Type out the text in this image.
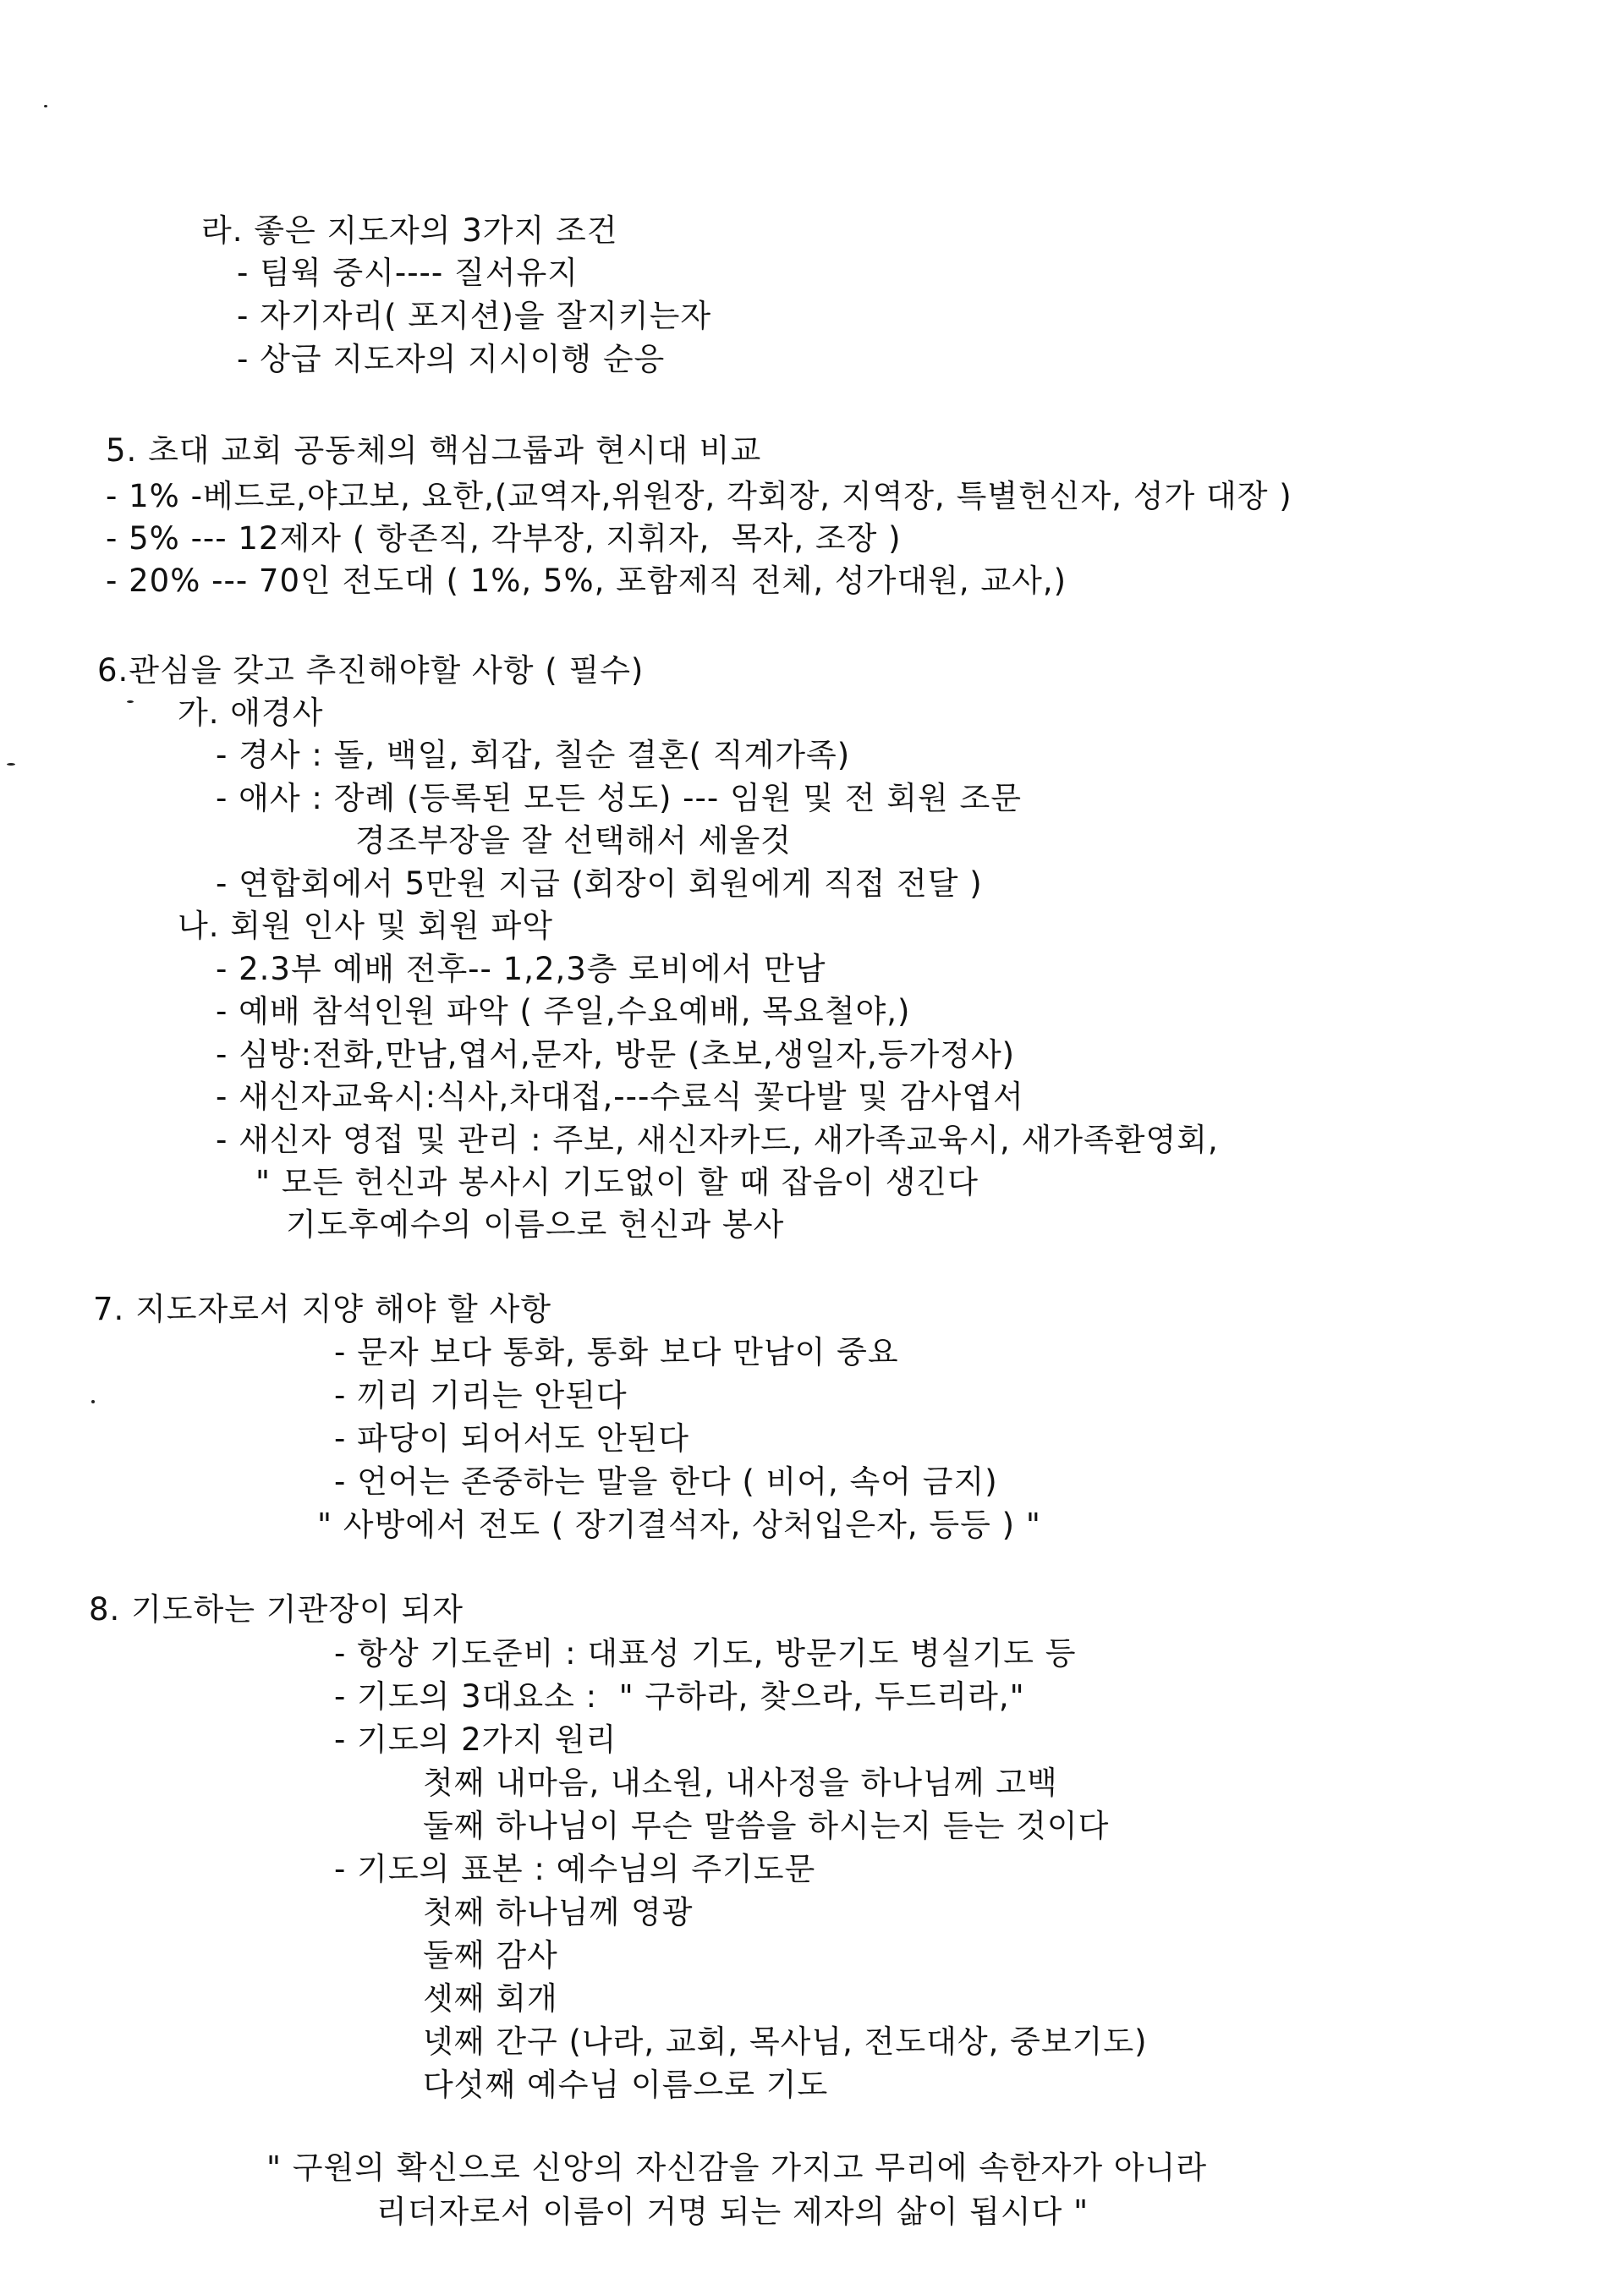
라. 좋은 지도자의 3가지 조건
- 팀웍 중시---- 질서유지
- 자기자리( 포지션)을 잘지키는자
- 상급 지도자의 지시이행 순응
5. 초대 교회 공동체의 핵심그룹과 현시대 비교
- 1% -베드로,야고보, 요한,(교역자,위원장, 각회장, 지역장, 특별헌신자, 성가 대장 )
- 5% --- 12제자 ( 항존직, 각부장, 지휘자,  목자, 조장 )
- 20% --- 70인 전도대 ( 1%, 5%, 포함제직 전체, 성가대원, 교사,)
6.관심을 갖고 추진해야할 사항 ( 필수)
가. 애경사
- 경사 : 돌, 백일, 회갑, 칠순 결혼( 직계가족)
- 애사 : 장례 (등록된 모든 성도) --- 임원 및 전 회원 조문
경조부장을 잘 선택해서 세울것
- 연합회에서 5만원 지급 (회장이 회원에게 직접 전달 )
나. 회원 인사 및 회원 파악
- 2.3부 예배 전후-- 1,2,3층 로비에서 만남
- 예배 참석인원 파악 ( 주일,수요예배, 목요철야,)
- 심방:전화,만남,엽서,문자, 방문 (초보,생일자,등가정사)
- 새신자교육시:식사,차대접,---수료식 꽃다발 및 감사엽서
- 새신자 영접 및 관리 : 주보, 새신자카드, 새가족교육시, 새가족환영회,
" 모든 헌신과 봉사시 기도없이 할 때 잡음이 생긴다
기도후예수의 이름으로 헌신과 봉사
7. 지도자로서 지양 해야 할 사항
- 문자 보다 통화, 통화 보다 만남이 중요
- 끼리 기리는 안된다
- 파당이 되어서도 안된다
- 언어는 존중하는 말을 한다 ( 비어, 속어 금지)
" 사방에서 전도 ( 장기결석자, 상처입은자, 등등 ) "
8. 기도하는 기관장이 되자
- 항상 기도준비 : 대표성 기도, 방문기도 병실기도 등
- 기도의 3대요소 :  " 구하라, 찾으라, 두드리라,"
- 기도의 2가지 원리
첫째 내마음, 내소원, 내사정을 하나님께 고백
둘째 하나님이 무슨 말씀을 하시는지 듣는 것이다
- 기도의 표본 : 예수님의 주기도문
첫째 하나님께 영광
둘째 감사
셋째 회개
넷째 간구 (나라, 교회, 목사님, 전도대상, 중보기도)
다섯째 예수님 이름으로 기도
" 구원의 확신으로 신앙의 자신감을 가지고 무리에 속한자가 아니라
리더자로서 이름이 거명 되는 제자의 삶이 됩시다 "
